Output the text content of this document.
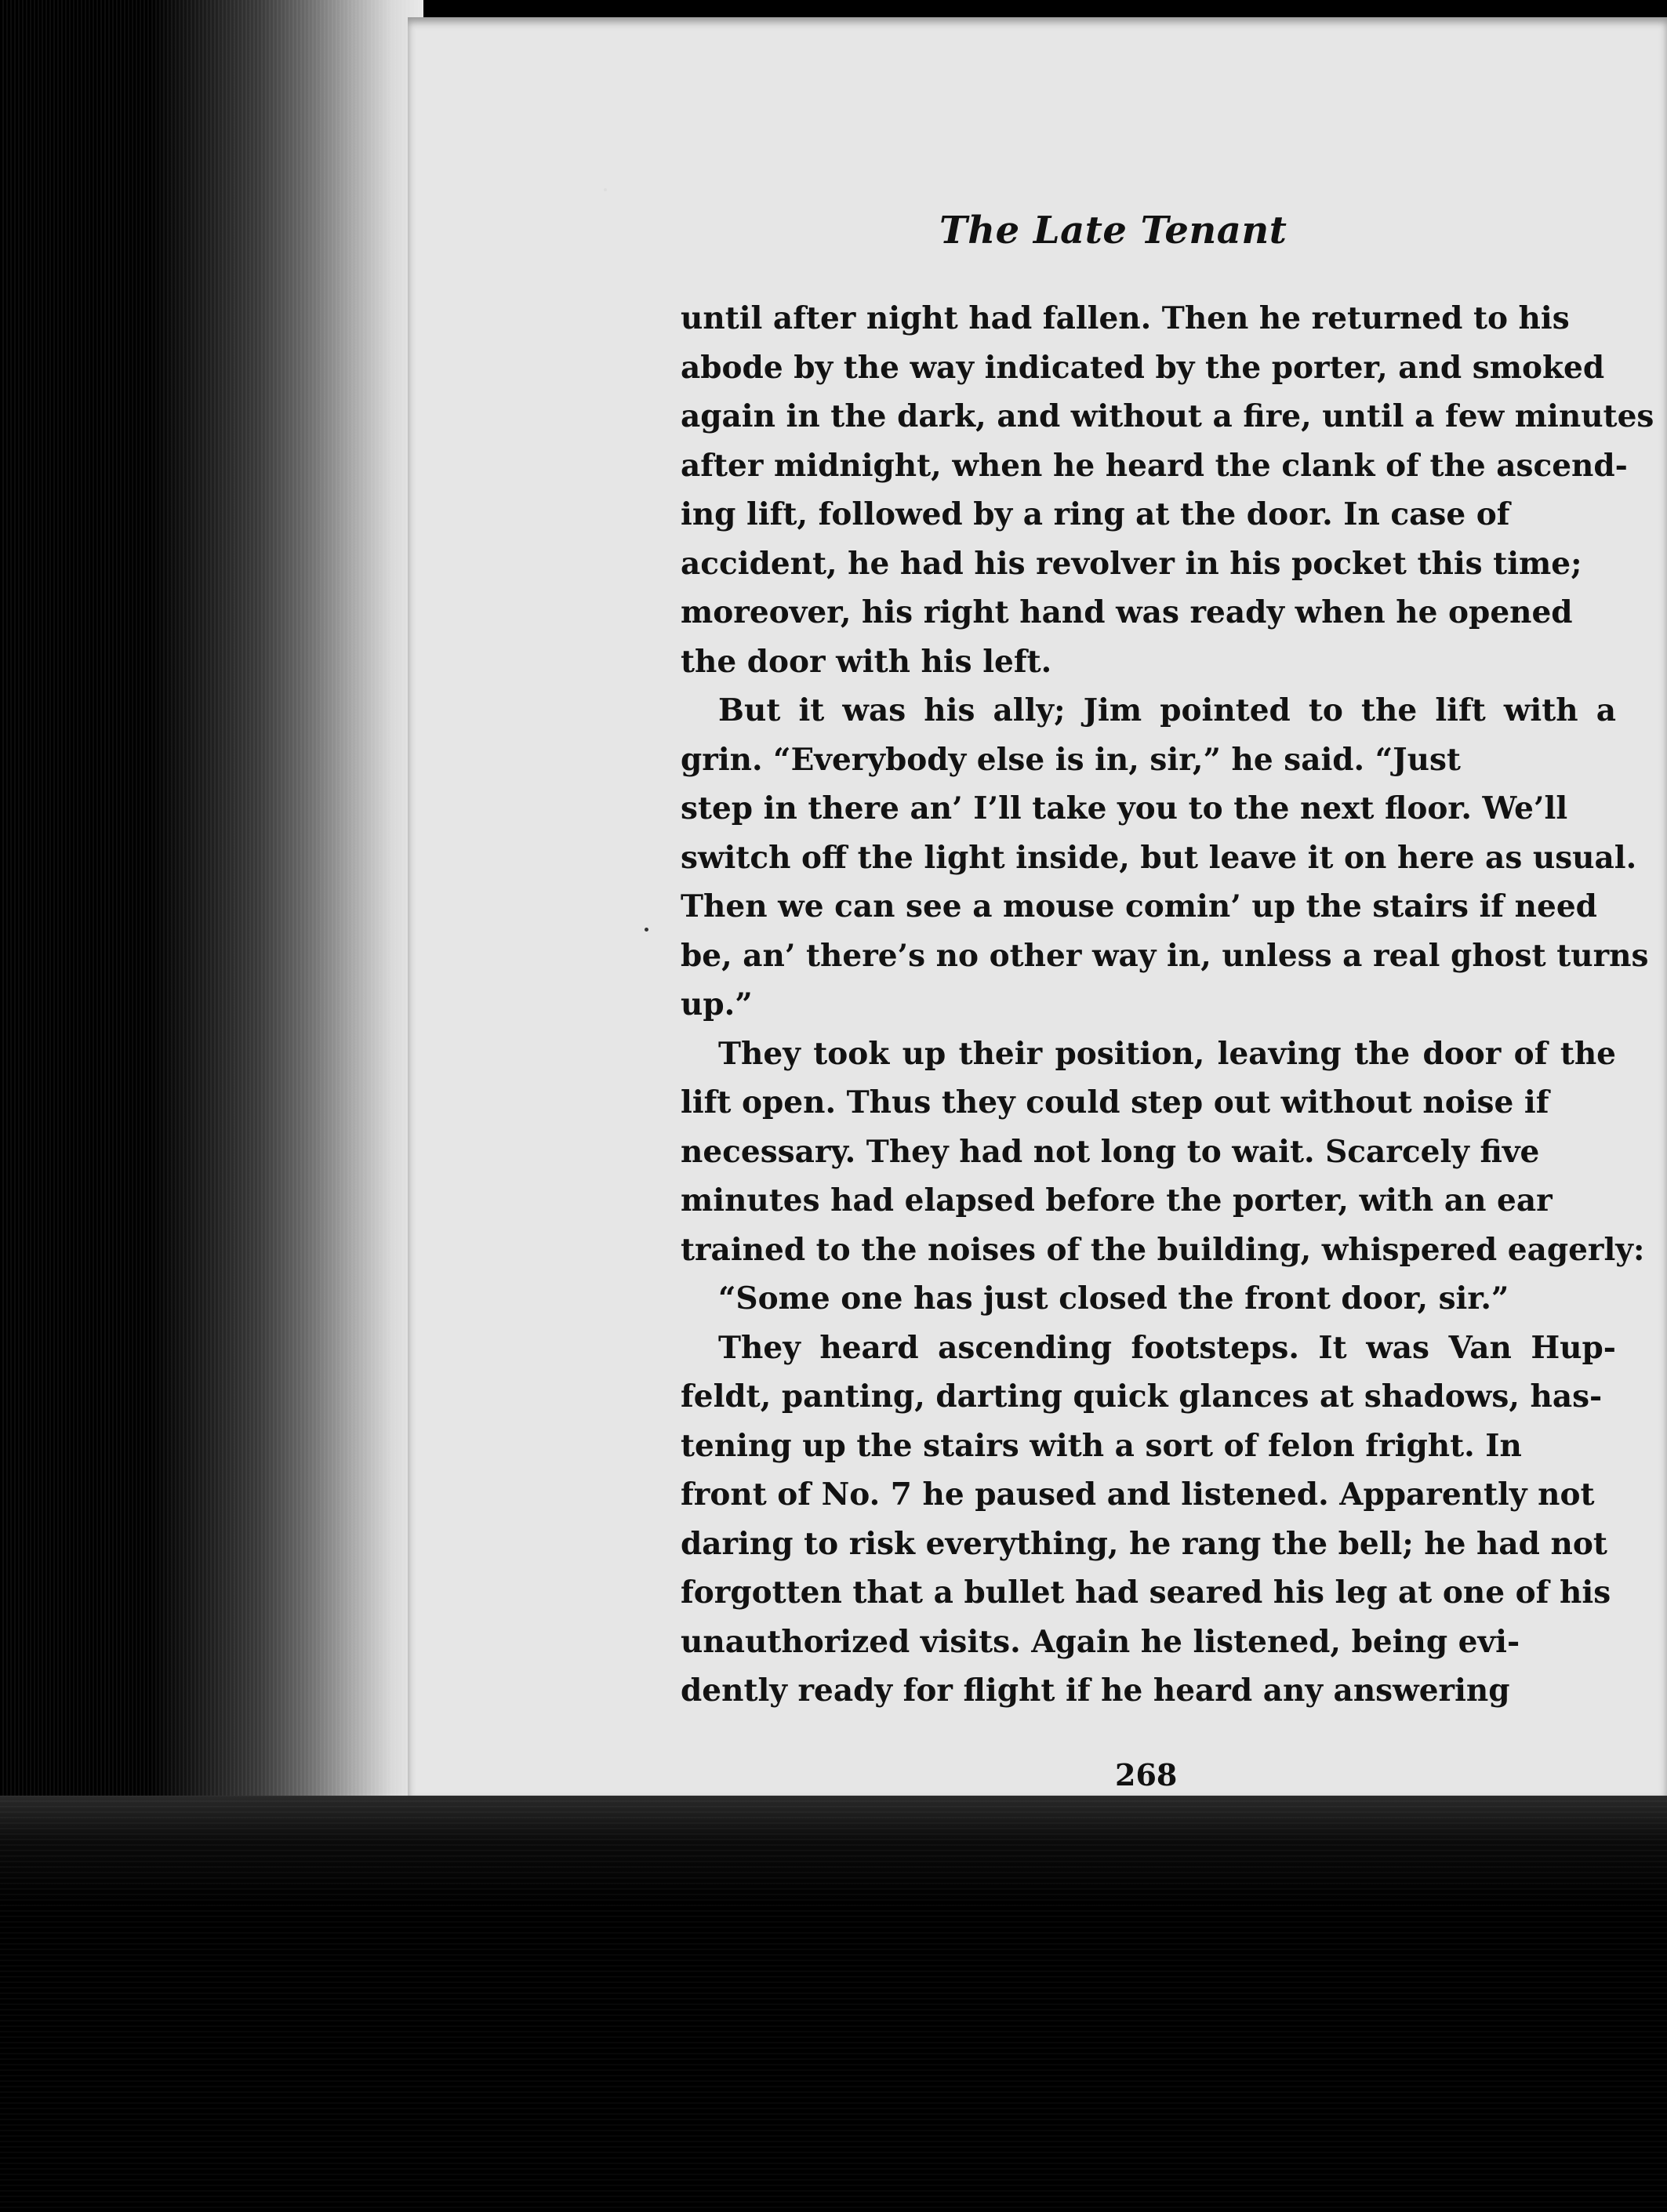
The Late Tenant
until after night had fallen. Then he returned to his
abode by the way indicated by the porter, and smoked
again in the dark, and without a fire, until a few minutes
after midnight, when he heard the clank of the ascend-
ing lift, followed by a ring at the door. In case of
accident, he had his revolver in his pocket this time;
moreover, his right hand was ready when he opened
the door with his left.
But it was his ally; Jim pointed to the lift with a
grin. “Everybody else is in, sir,” he said. “Just
step in there an’ I’ll take you to the next floor. We’ll
switch off the light inside, but leave it on here as usual.
Then we can see a mouse comin’ up the stairs if need
be, an’ there’s no other way in, unless a real ghost turns
up.”
They took up their position, leaving the door of the
lift open. Thus they could step out without noise if
necessary. They had not long to wait. Scarcely five
minutes had elapsed before the porter, with an ear
trained to the noises of the building, whispered eagerly:
“Some one has just closed the front door, sir.”
They heard ascending footsteps. It was Van Hup-
feldt, panting, darting quick glances at shadows, has-
tening up the stairs with a sort of felon fright. In
front of No. 7 he paused and listened. Apparently not
daring to risk everything, he rang the bell; he had not
forgotten that a bullet had seared his leg at one of his
unauthorized visits. Again he listened, being evi-
dently ready for flight if he heard any answering
268
